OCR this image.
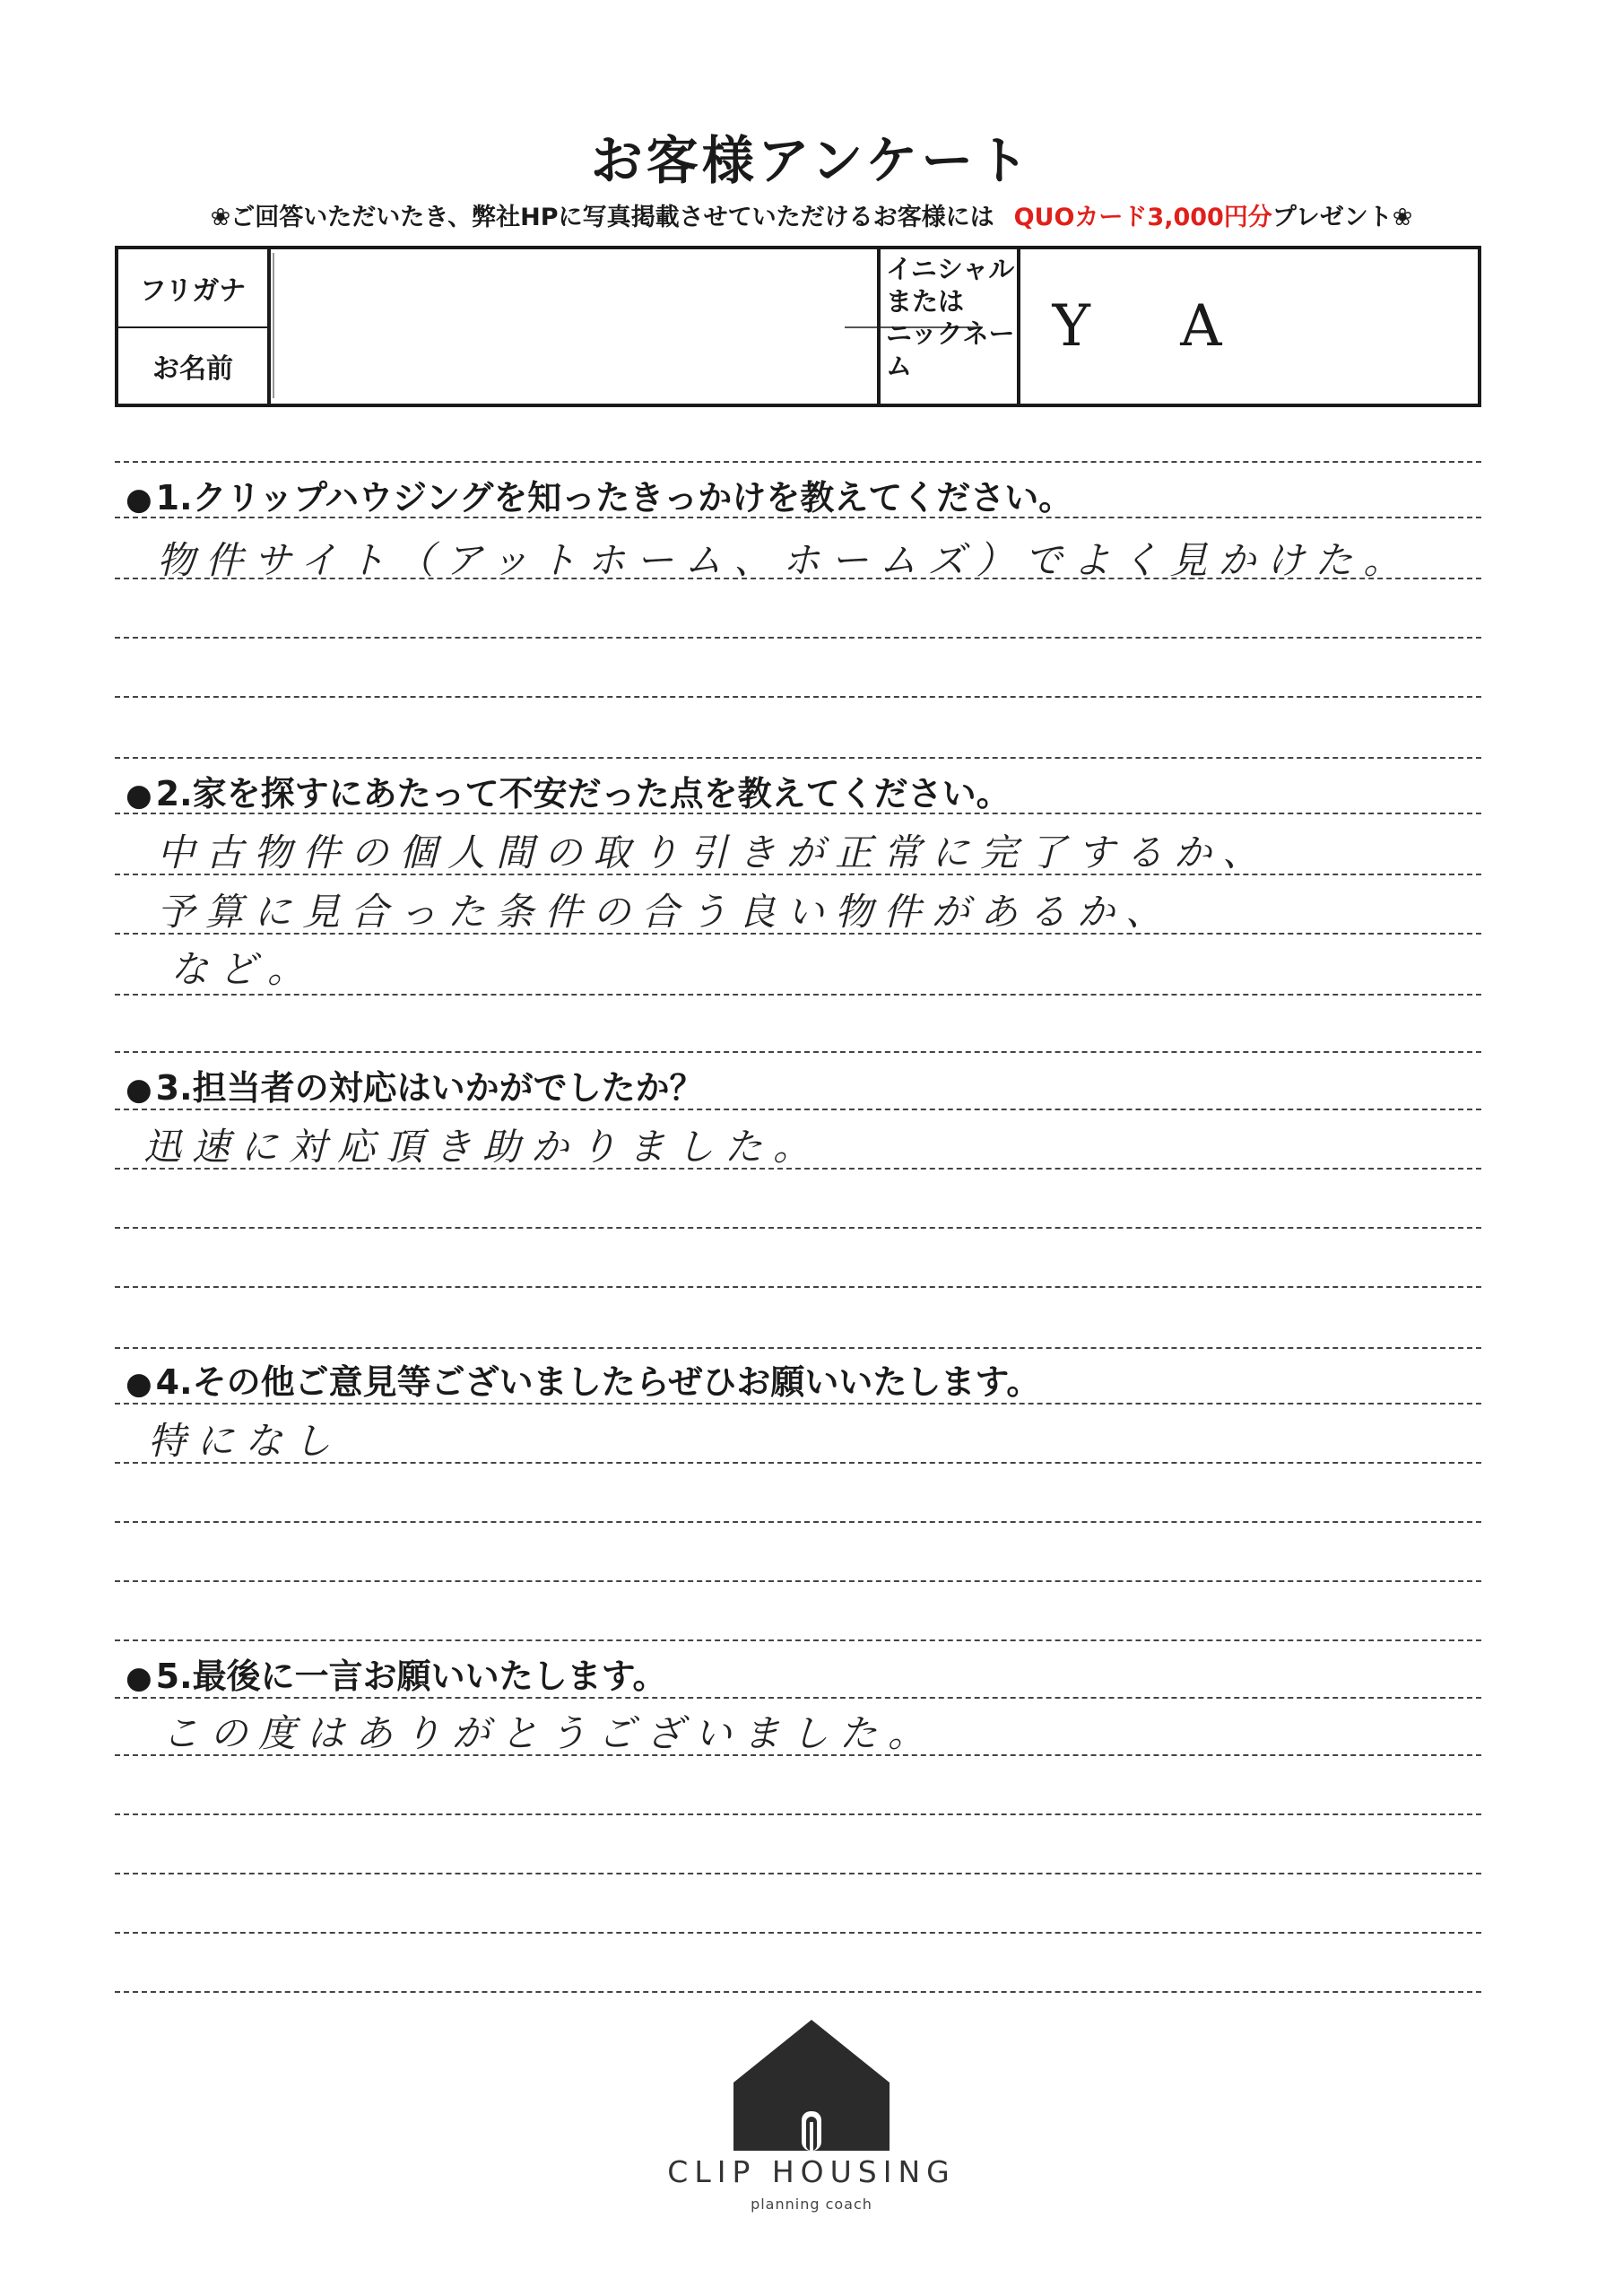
お客様アンケート
❀ご回答いただいたき、弊社HPに写真掲載させていただけるお客様には QUOカード3,000円分プレゼント❀
フリガナ
お名前
イニシャル
または
ニックネー
ム
Y A
● 1.クリップハウジングを知ったきっかけを教えてください。
物件サイト（アットホーム、ホームズ）でよく見かけた。
● 2.家を探すにあたって不安だった点を教えてください。
中古物件の個人間の取り引きが正常に完了するか、
予算に見合った条件の合う良い物件があるか、
など。
● 3.担当者の対応はいかがでしたか？
迅速に対応頂き助かりました。
● 4.その他ご意見等ございましたらぜひお願いいたします。
特になし
● 5.最後に一言お願いいたします。
この度はありがとうございました。
CLIP HOUSING
planning coach
